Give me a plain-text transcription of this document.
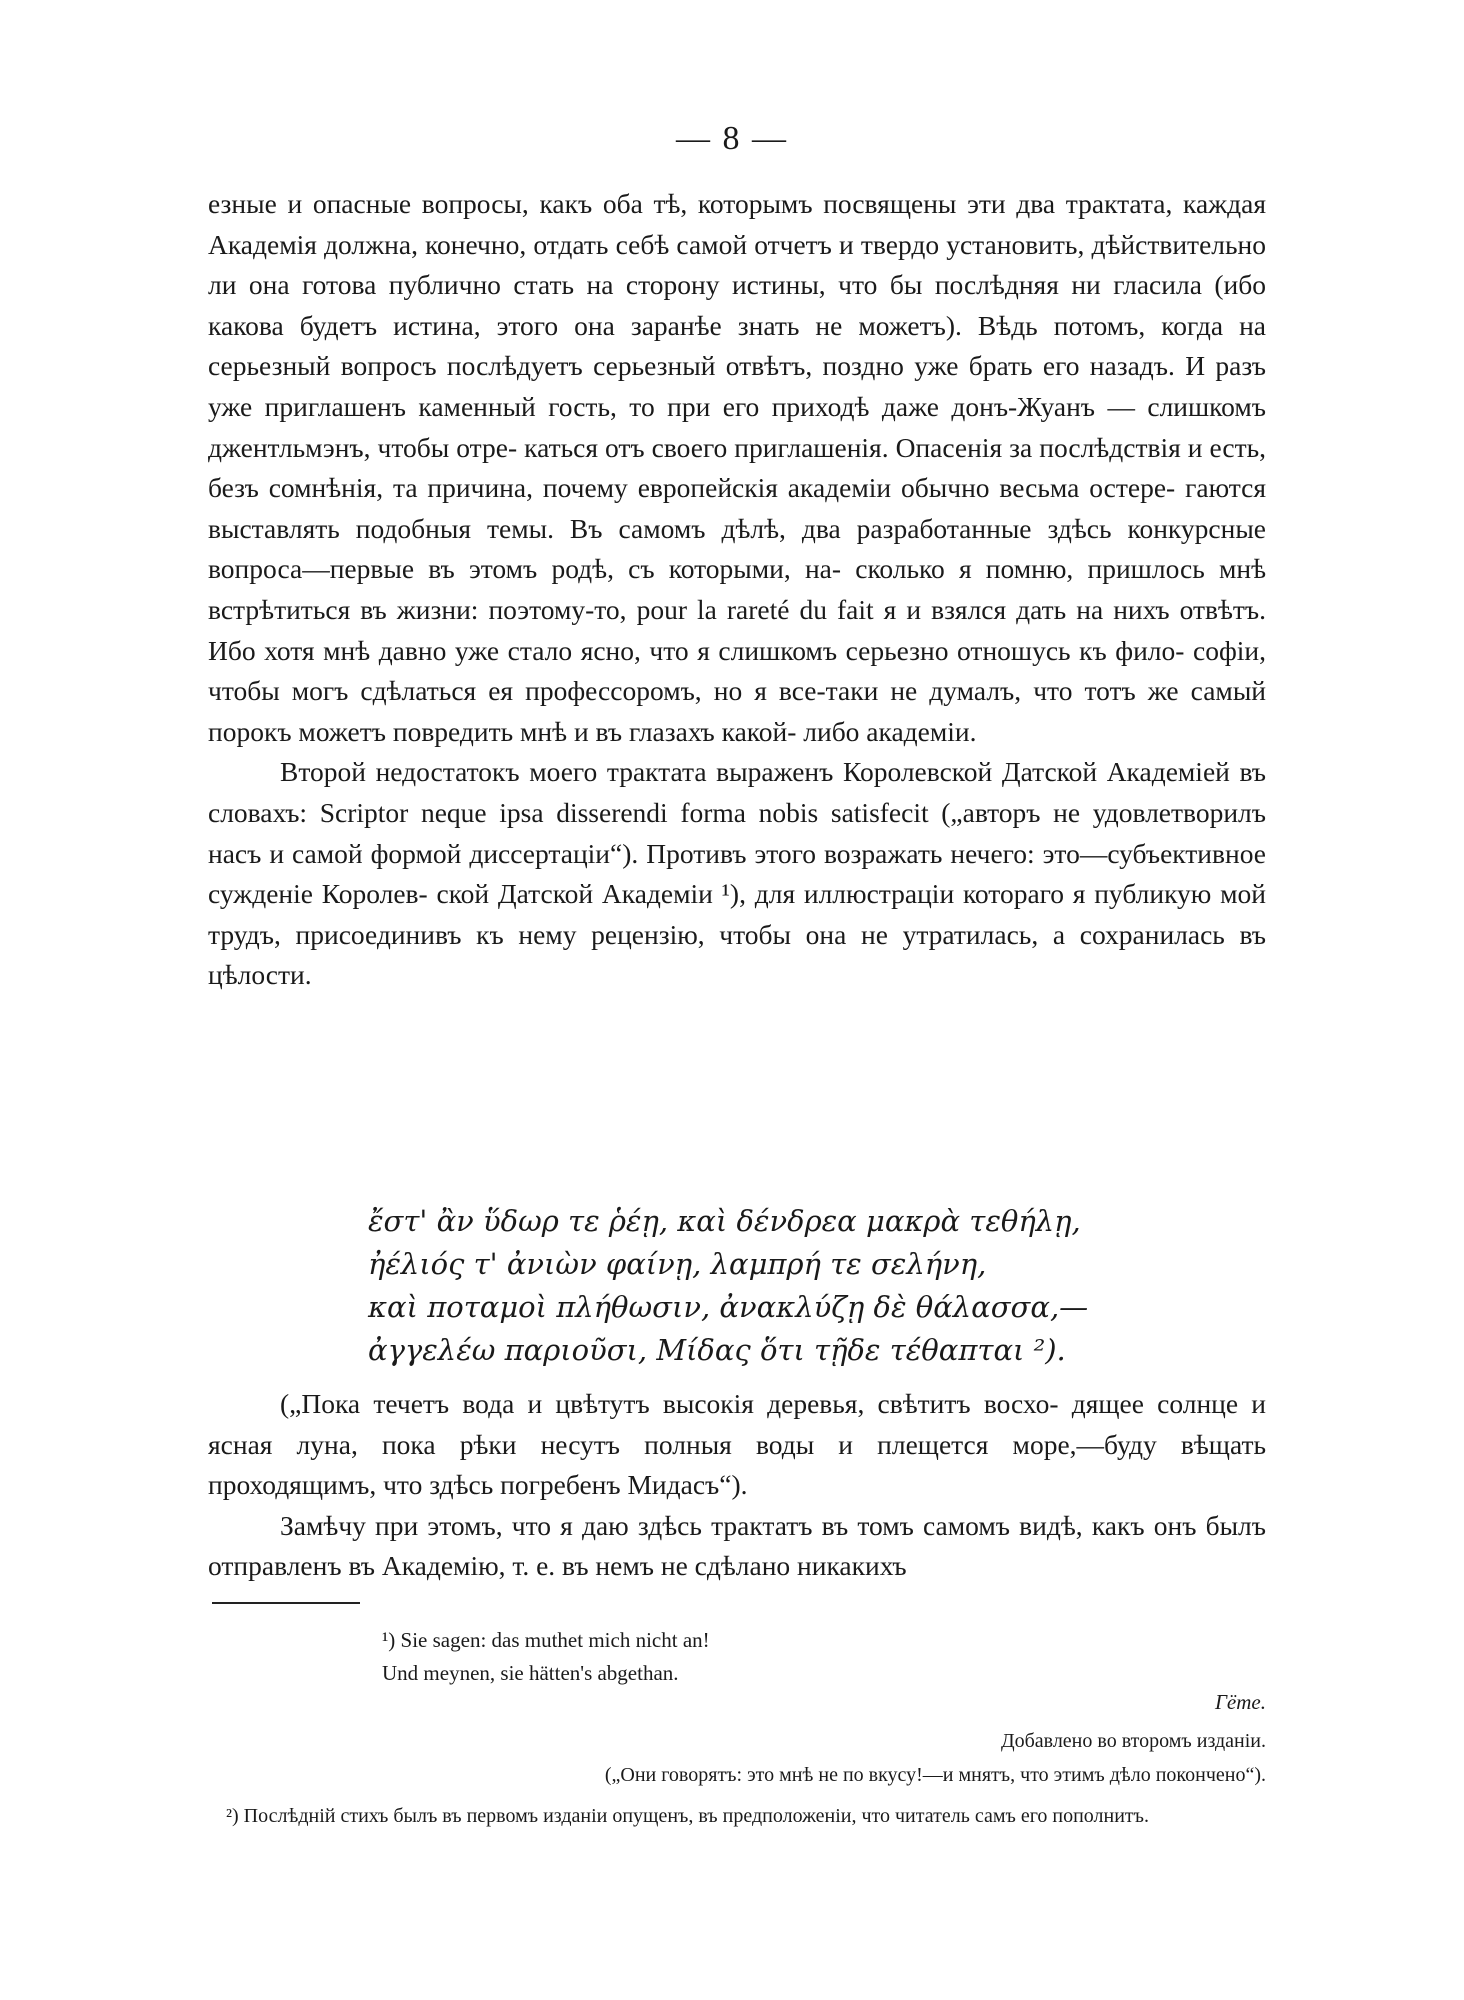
— 8 —

езные и опасные вопросы, какъ оба тѣ, которымъ посвящены эти два трактата, каждая Академія должна, конечно, отдать себѣ самой отчетъ и твердо установить, дѣйствительно ли она готова публично стать на сторону истины, что бы послѣдняя ни гласила (ибо какова будетъ истина, этого она заранѣе знать не можетъ). Вѣдь потомъ, когда на серьезный вопросъ послѣдуетъ серьезный отвѣтъ, поздно уже брать его назадъ. И разъ уже приглашенъ каменный гость, то при его приходѣ даже донъ-Жуанъ — слишкомъ джентльмэнъ, чтобы отре- каться отъ своего приглашенія. Опасенія за послѣдствія и есть, безъ сомнѣнія, та причина, почему европейскія академіи обычно весьма остере- гаются выставлять подобныя темы. Въ самомъ дѣлѣ, два разработанные здѣсь конкурсные вопроса—первые въ этомъ родѣ, съ которыми, на- сколько я помню, пришлось мнѣ встрѣтиться въ жизни: поэтому-то, pour la rareté du fait я и взялся дать на нихъ отвѣтъ. Ибо хотя мнѣ давно уже стало ясно, что я слишкомъ серьезно отношусь къ фило- софіи, чтобы могъ сдѣлаться ея профессоромъ, но я все-таки не думалъ, что тотъ же самый порокъ можетъ повредить мнѣ и въ глазахъ какой- либо академіи.

Второй недостатокъ моего трактата выраженъ Королевской Датской Академіей въ словахъ: Scriptor neque ipsa disserendi forma nobis satisfecit („авторъ не удовлетворилъ насъ и самой формой диссертаціи“). Противъ этого возражать нечего: это—субъективное сужденіе Королев- ской Датской Академіи ¹), для иллюстраціи котораго я публикую мой трудъ, присоединивъ къ нему рецензію, чтобы она не утратилась, а сохранилась въ цѣлости.

ἔστ' ἂν ὕδωρ τε ῥέῃ, καὶ δένδρεα μακρὰ τεθήλῃ,
ἠέλιός τ' ἀνιὼν φαίνῃ, λαμπρή τε σελήνη,
καὶ ποταμοὶ πλήθωσιν, ἀνακλύζῃ δὲ θάλασσα,—
ἀγγελέω παριοῦσι, Μίδας ὅτι τῇδε τέθαπται ²).

(„Пока течетъ вода и цвѣтутъ высокія деревья, свѣтитъ восхо- дящее солнце и ясная луна, пока рѣки несутъ полныя воды и плещется море,—буду вѣщать проходящимъ, что здѣсь погребенъ Мидасъ“).

Замѣчу при этомъ, что я даю здѣсь трактатъ въ томъ самомъ видѣ, какъ онъ былъ отправленъ въ Академію, т. е. въ немъ не сдѣлано никакихъ

¹) Sie sagen: das muthet mich nicht an!
Und meynen, sie hätten's abgethan.
Гёте.
Добавлено во второмъ изданіи.
(„Они говорятъ: это мнѣ не по вкусу!—и мнятъ, что этимъ дѣло покончено“).
²) Послѣдній стихъ былъ въ первомъ изданіи опущенъ, въ предположеніи, что читатель самъ его пополнитъ.
